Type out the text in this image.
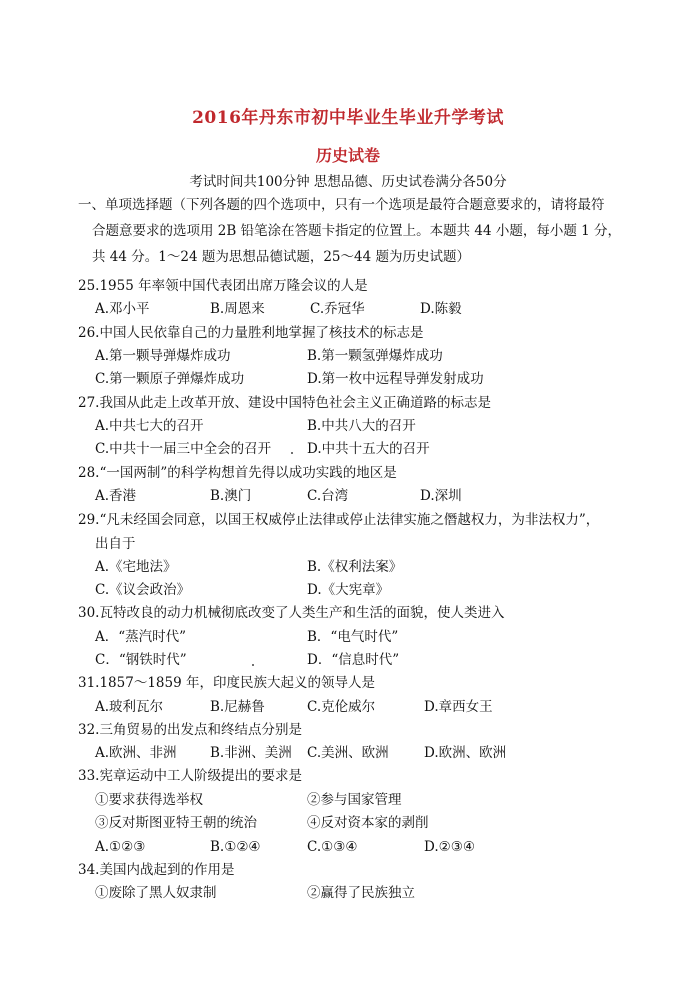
2016年丹东市初中毕业生毕业升学考试
历史试卷
考试时间共100分钟 思想品德、历史试卷满分各50分
一、单项选择题（下列各题的四个选项中，只有一个选项是最符合题意要求的，请将最符
合题意要求的选项用 2B 铅笔涂在答题卡指定的位置上。本题共 44 小题，每小题 1 分，
共 44 分。1～24 题为思想品德试题，25～44 题为历史试题）
25.1955 年率领中国代表团出席万隆会议的人是
A.邓小平	B.周恩来	C.乔冠华	D.陈毅
26.中国人民依靠自己的力量胜利地掌握了核技术的标志是
A.第一颗导弹爆炸成功	B.第一颗氢弹爆炸成功
C.第一颗原子弹爆炸成功	D.第一枚中远程导弹发射成功
27.我国从此走上改革开放、建设中国特色社会主义正确道路的标志是
A.中共七大的召开	B.中共八大的召开
C.中共十一届三中全会的召开	D.中共十五大的召开
28.“一国两制”的科学构想首先得以成功实践的地区是
A.香港	B.澳门	C.台湾	D.深圳
29.“凡未经国会同意，以国王权威停止法律或停止法律实施之僭越权力，为非法权力”，
出自于
A.《宅地法》	B.《权利法案》
C.《议会政治》	D.《大宪章》
30.瓦特改良的动力机械彻底改变了人类生产和生活的面貌，使人类进入
A．“蒸汽时代”	B．“电气时代”
C．“钢铁时代”	D．“信息时代”
31.1857～1859 年，印度民族大起义的领导人是
A.玻利瓦尔	B.尼赫鲁	C.克伦威尔	D.章西女王
32.三角贸易的出发点和终结点分别是
A.欧洲、非洲 B.非洲、美洲 C.美洲、欧洲	D.欧洲、欧洲
33.宪章运动中工人阶级提出的要求是
①要求获得选举权	②参与国家管理
③反对斯图亚特王朝的统治	④反对资本家的剥削
A.①②③	B.①②④	C.①③④	D.②③④
34.美国内战起到的作用是
①废除了黑人奴隶制	②赢得了民族独立
